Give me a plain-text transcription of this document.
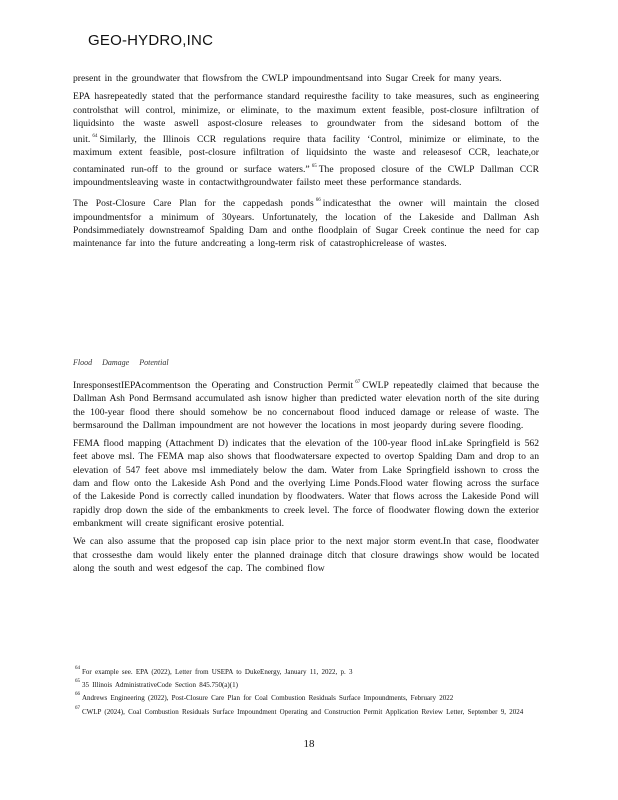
GEO-HYDRO,INC

present in the groundwater that flowsfrom the CWLP impoundmentsand into Sugar Creek for many years.

EPA hasrepeatedly stated that the performance standard requiresthe facility to take measures, such as engineering controlsthat will control, minimize, or eliminate, to the maximum extent feasible, post-closure infiltration of liquidsinto the waste aswell aspost-closure releases to groundwater from the sidesand bottom of the unit. $^{64}$ Similarly, the Illinois CCR regulations require thata facility ‘Control, minimize or eliminate, to the maximum extent feasible, post-closure infiltration of liquidsinto the waste and releasesof CCR, leachate,or contaminated run-off to the ground or surface waters.” $^{65}$ The proposed closure of the CWLP Dallman CCR impoundmentsleaving waste in contactwithgroundwater failsto meet these performance standards.

The Post-Closure Care Plan for the cappedash ponds $^{66}$ indicatesthat the owner will maintain the closed impoundmentsfor a minimum of 30years. Unfortunately, the location of the Lakeside and Dallman Ash Pondsimmediately downstreamof Spalding Dam and onthe floodplain of Sugar Creek continue the need for cap maintenance far into the future andcreating a long-term risk of catastrophicrelease of wastes.

Flood Damage Potential

InresponsestIEPAcommentson the Operating and Construction Permit $^{67}$ CWLP repeatedly claimed that because the Dallman Ash Pond Bermsand accumulated ash isnow higher than predicted water elevation north of the site during the 100-year flood there should somehow be no concernabout flood induced damage or release of waste. The bermsaround the Dallman impoundment are not however the locations in most jeopardy during severe flooding.

FEMA flood mapping (Attachment D) indicates that the elevation of the 100-year flood inLake Springfield is 562 feet above msl. The FEMA map also shows that floodwatersare expected to overtop Spalding Dam and drop to an elevation of 547 feet above msl immediately below the dam. Water from Lake Springfield isshown to cross the dam and flow onto the Lakeside Ash Pond and the overlying Lime Ponds.Flood water flowing across the surface of the Lakeside Pond is correctly called inundation by floodwaters. Water that flows across the Lakeside Pond will rapidly drop down the side of the embankments to creek level. The force of floodwater flowing down the exterior embankment will create significant erosive potential.

We can also assume that the proposed cap isin place prior to the next major storm event.In that case, floodwater that crossesthe dam would likely enter the planned drainage ditch that closure drawings show would be located along the south and west edgesof the cap. The combined flow

$^{64}$ For example see. EPA (2022), Letter from USEPA to DukeEnergy, January 11, 2022, p. 3
$^{65}$ 35 Illinois AdministrativeCode Section 845.750(a)(1)
$^{66}$ Andrews Engineering (2022), Post-Closure Care Plan for Coal Combustion Residuals Surface Impoundments, February 2022
$^{67}$ CWLP (2024), Coal Combustion Residuals Surface Impoundment Operating and Construction Permit Application Review Letter, September 9, 2024
18
